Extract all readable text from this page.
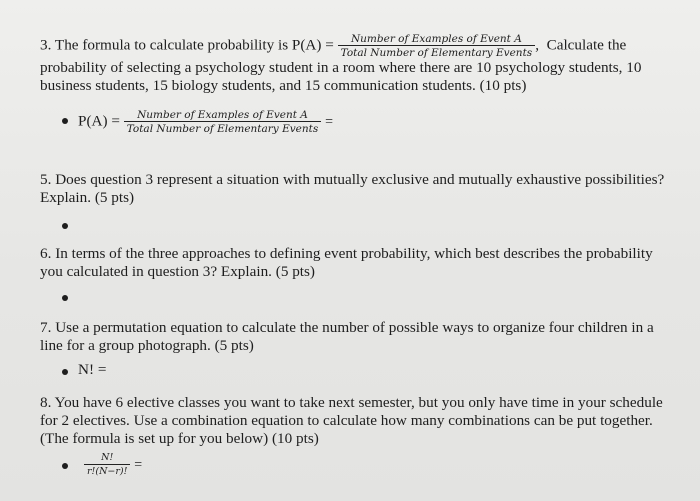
3. The formula to calculate probability is $P(A) = \frac{\text{Number of Examples of Event A}}{\text{Total Number of Elementary Events}}$ , Calculate the
probability of selecting a psychology student in a room where there are 10 psychology students, 10
business students, 15 biology students, and 15 communication students. (10 pts)
$P(A) = \frac{\text{Number of Examples of Event A}}{\text{Total Number of Elementary Events}}$ =
5. Does question 3 represent a situation with mutually exclusive and mutually exhaustive possibilities?
Explain. (5 pts)
6. In terms of the three approaches to defining event probability, which best describes the probability
you calculated in question 3? Explain. (5 pts)
7. Use a permutation equation to calculate the number of possible ways to organize four children in a
line for a group photograph. (5 pts)
N! =
8. You have 6 elective classes you want to take next semester, but you only have time in your schedule
for 2 electives. Use a combination equation to calculate how many combinations can be put together.
(The formula is set up for you below) (10 pts)
$\frac{N!}{r!(N-r)!}$ =
